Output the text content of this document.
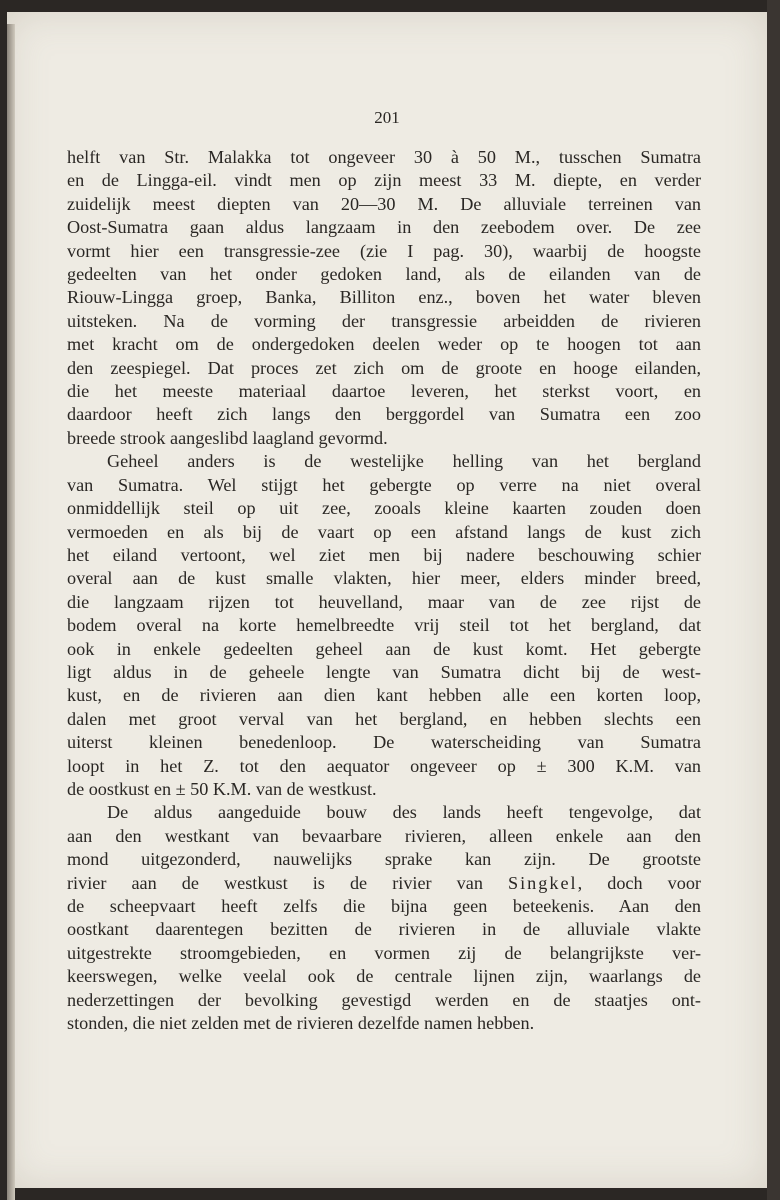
201
helft van Str. Malakka tot ongeveer 30 à 50 M., tusschen Sumatra
en de Lingga-eil. vindt men op zijn meest 33 M. diepte, en verder
zuidelijk meest diepten van 20—30 M. De alluviale terreinen van
Oost-Sumatra gaan aldus langzaam in den zeebodem over. De zee
vormt hier een transgressie-zee (zie I pag. 30), waarbij de hoogste
gedeelten van het onder gedoken land, als de eilanden van de
Riouw-Lingga groep, Banka, Billiton enz., boven het water bleven
uitsteken. Na de vorming der transgressie arbeidden de rivieren
met kracht om de ondergedoken deelen weder op te hoogen tot aan
den zeespiegel. Dat proces zet zich om de groote en hooge eilanden,
die het meeste materiaal daartoe leveren, het sterkst voort, en
daardoor heeft zich langs den berggordel van Sumatra een zoo
breede strook aangeslibd laagland gevormd.
Geheel anders is de westelijke helling van het bergland
van Sumatra. Wel stijgt het gebergte op verre na niet overal
onmiddellijk steil op uit zee, zooals kleine kaarten zouden doen
vermoeden en als bij de vaart op een afstand langs de kust zich
het eiland vertoont, wel ziet men bij nadere beschouwing schier
overal aan de kust smalle vlakten, hier meer, elders minder breed,
die langzaam rijzen tot heuvelland, maar van de zee rijst de
bodem overal na korte hemelbreedte vrij steil tot het bergland, dat
ook in enkele gedeelten geheel aan de kust komt. Het gebergte
ligt aldus in de geheele lengte van Sumatra dicht bij de west-
kust, en de rivieren aan dien kant hebben alle een korten loop,
dalen met groot verval van het bergland, en hebben slechts een
uiterst kleinen benedenloop. De waterscheiding van Sumatra
loopt in het Z. tot den aequator ongeveer op ± 300 K.M. van
de oostkust en ± 50 K.M. van de westkust.
De aldus aangeduide bouw des lands heeft tengevolge, dat
aan den westkant van bevaarbare rivieren, alleen enkele aan den
mond uitgezonderd, nauwelijks sprake kan zijn. De grootste
rivier aan de westkust is de rivier van Singkel, doch voor
de scheepvaart heeft zelfs die bijna geen beteekenis. Aan den
oostkant daarentegen bezitten de rivieren in de alluviale vlakte
uitgestrekte stroomgebieden, en vormen zij de belangrijkste ver-
keerswegen, welke veelal ook de centrale lijnen zijn, waarlangs de
nederzettingen der bevolking gevestigd werden en de staatjes ont-
stonden, die niet zelden met de rivieren dezelfde namen hebben.
